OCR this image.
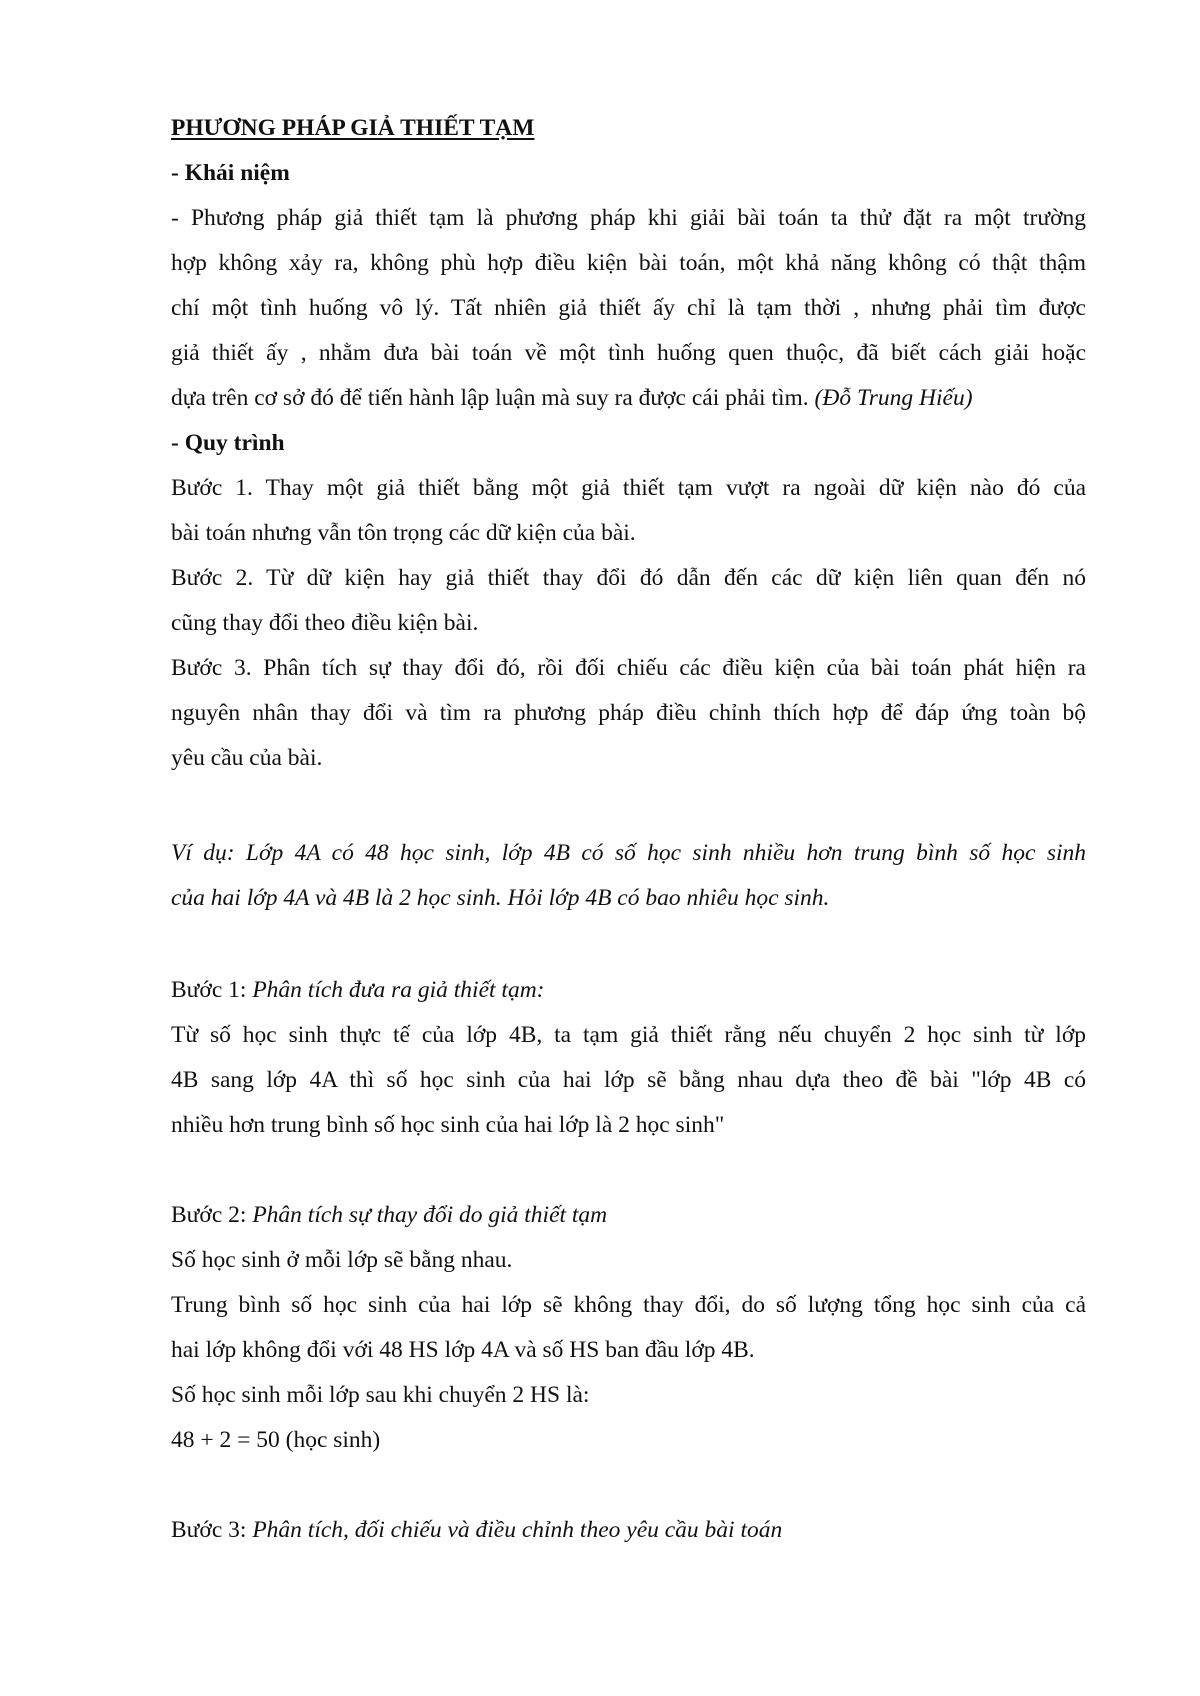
PHƯƠNG PHÁP GIẢ THIẾT TẠM
- Khái niệm
- Phương pháp giả thiết tạm là phương pháp khi giải bài toán ta thử đặt ra một trường
hợp không xảy ra, không phù hợp điều kiện bài toán, một khả năng không có thật thậm
chí một tình huống vô lý. Tất nhiên giả thiết ấy chỉ là tạm thời , nhưng phải tìm được
giả thiết ấy , nhằm đưa bài toán về một tình huống quen thuộc, đã biết cách giải hoặc
dựa trên cơ sở đó để tiến hành lập luận mà suy ra được cái phải tìm. (Đỗ Trung Hiếu)
- Quy trình
Bước 1. Thay một giả thiết bằng một giả thiết tạm vượt ra ngoài dữ kiện nào đó của
bài toán nhưng vẫn tôn trọng các dữ kiện của bài.
Bước 2. Từ dữ kiện hay giả thiết thay đổi đó dẫn đến các dữ kiện liên quan đến nó
cũng thay đổi theo điều kiện bài.
Bước 3. Phân tích sự thay đổi đó, rồi đối chiếu các điều kiện của bài toán phát hiện ra
nguyên nhân thay đổi và tìm ra phương pháp điều chỉnh thích hợp để đáp ứng toàn bộ
yêu cầu của bài.
Ví dụ: Lớp 4A có 48 học sinh, lớp 4B có số học sinh nhiều hơn trung bình số học sinh
của hai lớp 4A và 4B là 2 học sinh. Hỏi lớp 4B có bao nhiêu học sinh.
Bước 1: Phân tích đưa ra giả thiết tạm:
Từ số học sinh thực tế của lớp 4B, ta tạm giả thiết rằng nếu chuyển 2 học sinh từ lớp
4B sang lớp 4A thì số học sinh của hai lớp sẽ bằng nhau dựa theo đề bài "lớp 4B có
nhiều hơn trung bình số học sinh của hai lớp là 2 học sinh"
Bước 2: Phân tích sự thay đổi do giả thiết tạm
Số học sinh ở mỗi lớp sẽ bằng nhau.
Trung bình số học sinh của hai lớp sẽ không thay đổi, do số lượng tổng học sinh của cả
hai lớp không đổi với 48 HS lớp 4A và số HS ban đầu lớp 4B.
Số học sinh mỗi lớp sau khi chuyển 2 HS là:
48 + 2 = 50 (học sinh)
Bước 3: Phân tích, đối chiếu và điều chỉnh theo yêu cầu bài toán
